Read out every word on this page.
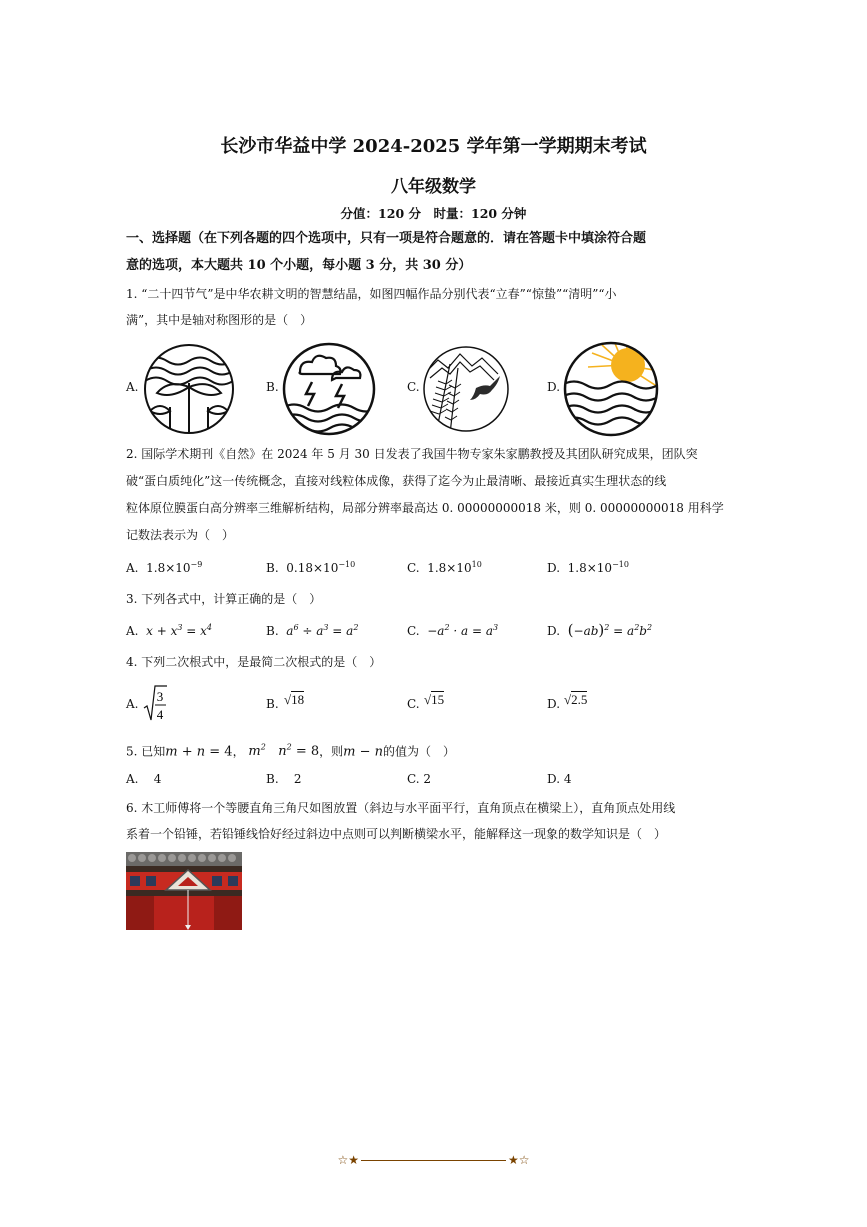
长沙市华益中学 2024-2025 学年第一学期期末考试
八年级数学
分值：120 分　时量：120 分钟
一、选择题（在下列各题的四个选项中，只有一项是符合题意的．请在答题卡中填涂符合题
意的选项，本大题共 10 个小题，每小题 3 分，共 30 分）
1. “二十四节气”是中华农耕文明的智慧结晶，如图四幅作品分别代表“立春”“惊蛰”“清明”“小
满”，其中是轴对称图形的是（　）
A.	B.	C.	D.
2. 国际学术期刊《自然》在 2024 年 5 月 30 日发表了我国牛物专家朱家鹏教授及其团队研究成果，团队突
破“蛋白质纯化”这一传统概念，直接对线粒体成像，获得了迄今为止最清晰、最接近真实生理状态的线
粒体原位膜蛋白高分辨率三维解析结构，局部分辨率最高达 0. 00000000018 米，则 0. 00000000018 用科学
记数法表示为（　）
A. $1.8\times 10^{-9}$	B. $0.18\times 10^{-10}$	C. $1.8\times 10^{10}$	D. $1.8\times 10^{-10}$
3. 下列各式中，计算正确的是（　）
A. $x + x^3 = x^4$	B. $a^6 \div a^3 = a^2$	C. $-a^2 \cdot a = a^3$	D. $(-ab)^2 = a^2b^2$
4. 下列二次根式中，是最简二次根式的是（　）
A. 3
4
B. √18	C. √15	D. √2.5
5. 已知m + n = 4， $m^2$   $n^2 = 8$，则m − n的值为（　）
A. 4	B. 2	C. 2	D. 4
6. 木工师傅将一个等腰直角三角尺如图放置（斜边与水平面平行，直角顶点在横梁上），直角顶点处用线
系着一个铅锤，若铅锤线恰好经过斜边中点则可以判断横梁水平，能解释这一现象的数学知识是（　）
☆★	★☆
